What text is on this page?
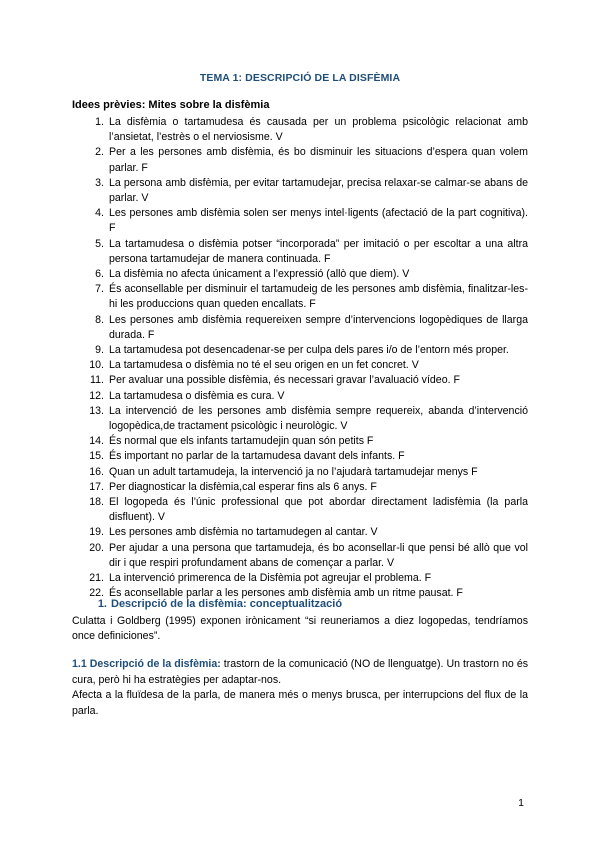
TEMA 1: DESCRIPCIÓ DE LA DISFÈMIA
Idees prèvies: Mites sobre la disfèmia
1. La disfèmia o tartamudesa és causada per un problema psicològic relacionat amb l’ansietat, l’estrès o el nerviosisme. V
2. Per a les persones amb disfèmia, és bo disminuir les situacions d’espera quan volem parlar. F
3. La persona amb disfèmia, per evitar tartamudejar, precisa relaxar-se calmar-se abans de parlar. V
4. Les persones amb disfèmia solen ser menys intel·ligents (afectació de la part cognitiva). F
5. La tartamudesa o disfèmia potser “incorporada” per imitació o per escoltar a una altra persona tartamudejar de manera continuada. F
6. La disfèmia no afecta únicament a l’expressió (allò que diem). V
7. És aconsellable per disminuir el tartamudeig de les persones amb disfèmia, finalitzar-les-hi les produccions quan queden encallats. F
8. Les persones amb disfèmia requereixen sempre d’intervencions logopèdiques de llarga durada. F
9. La tartamudesa pot desencadenar-se per culpa dels pares i/o de l’entorn més proper.
10. La tartamudesa o disfèmia no té el seu origen en un fet concret. V
11. Per avaluar una possible disfèmia, és necessari gravar l’avaluació vídeo. F
12. La tartamudesa o disfèmia es cura. V
13. La intervenció de les persones amb disfèmia sempre requereix, abanda d’intervenció logopèdica,de tractament psicològic i neurològic. V
14. És normal que els infants tartamudejin quan són petits F
15. És important no parlar de la tartamudesa davant dels infants. F
16. Quan un adult tartamudeja, la intervenció ja no l’ajudarà tartamudejar menys F
17. Per diagnosticar la disfèmia,cal esperar fins als 6 anys. F
18. El logopeda és l’únic professional que pot abordar directament ladisfèmia (la parla disfluent). V
19. Les persones amb disfèmia no tartamudegen al cantar. V
20. Per ajudar a una persona que tartamudeja, és bo aconsellar-li que pensi bé allò que vol dir i que respiri profundament abans de començar a parlar. V
21. La intervenció primerenca de la Disfèmia pot agreujar el problema. F
22. És aconsellable parlar a les persones amb disfèmia amb un ritme pausat. F
1. Descripció de la disfèmia: conceptualització
Culatta i Goldberg (1995) exponen irònicament “si reuneriamos a diez logopedas, tendríamos once definiciones”.
1.1 Descripció de la disfèmia: trastorn de la comunicació (NO de llenguatge). Un trastorn no és cura, però hi ha estratègies per adaptar-nos.
Afecta a la fluïdesa de la parla, de manera més o menys brusca, per interrupcions del flux de la parla.
1
